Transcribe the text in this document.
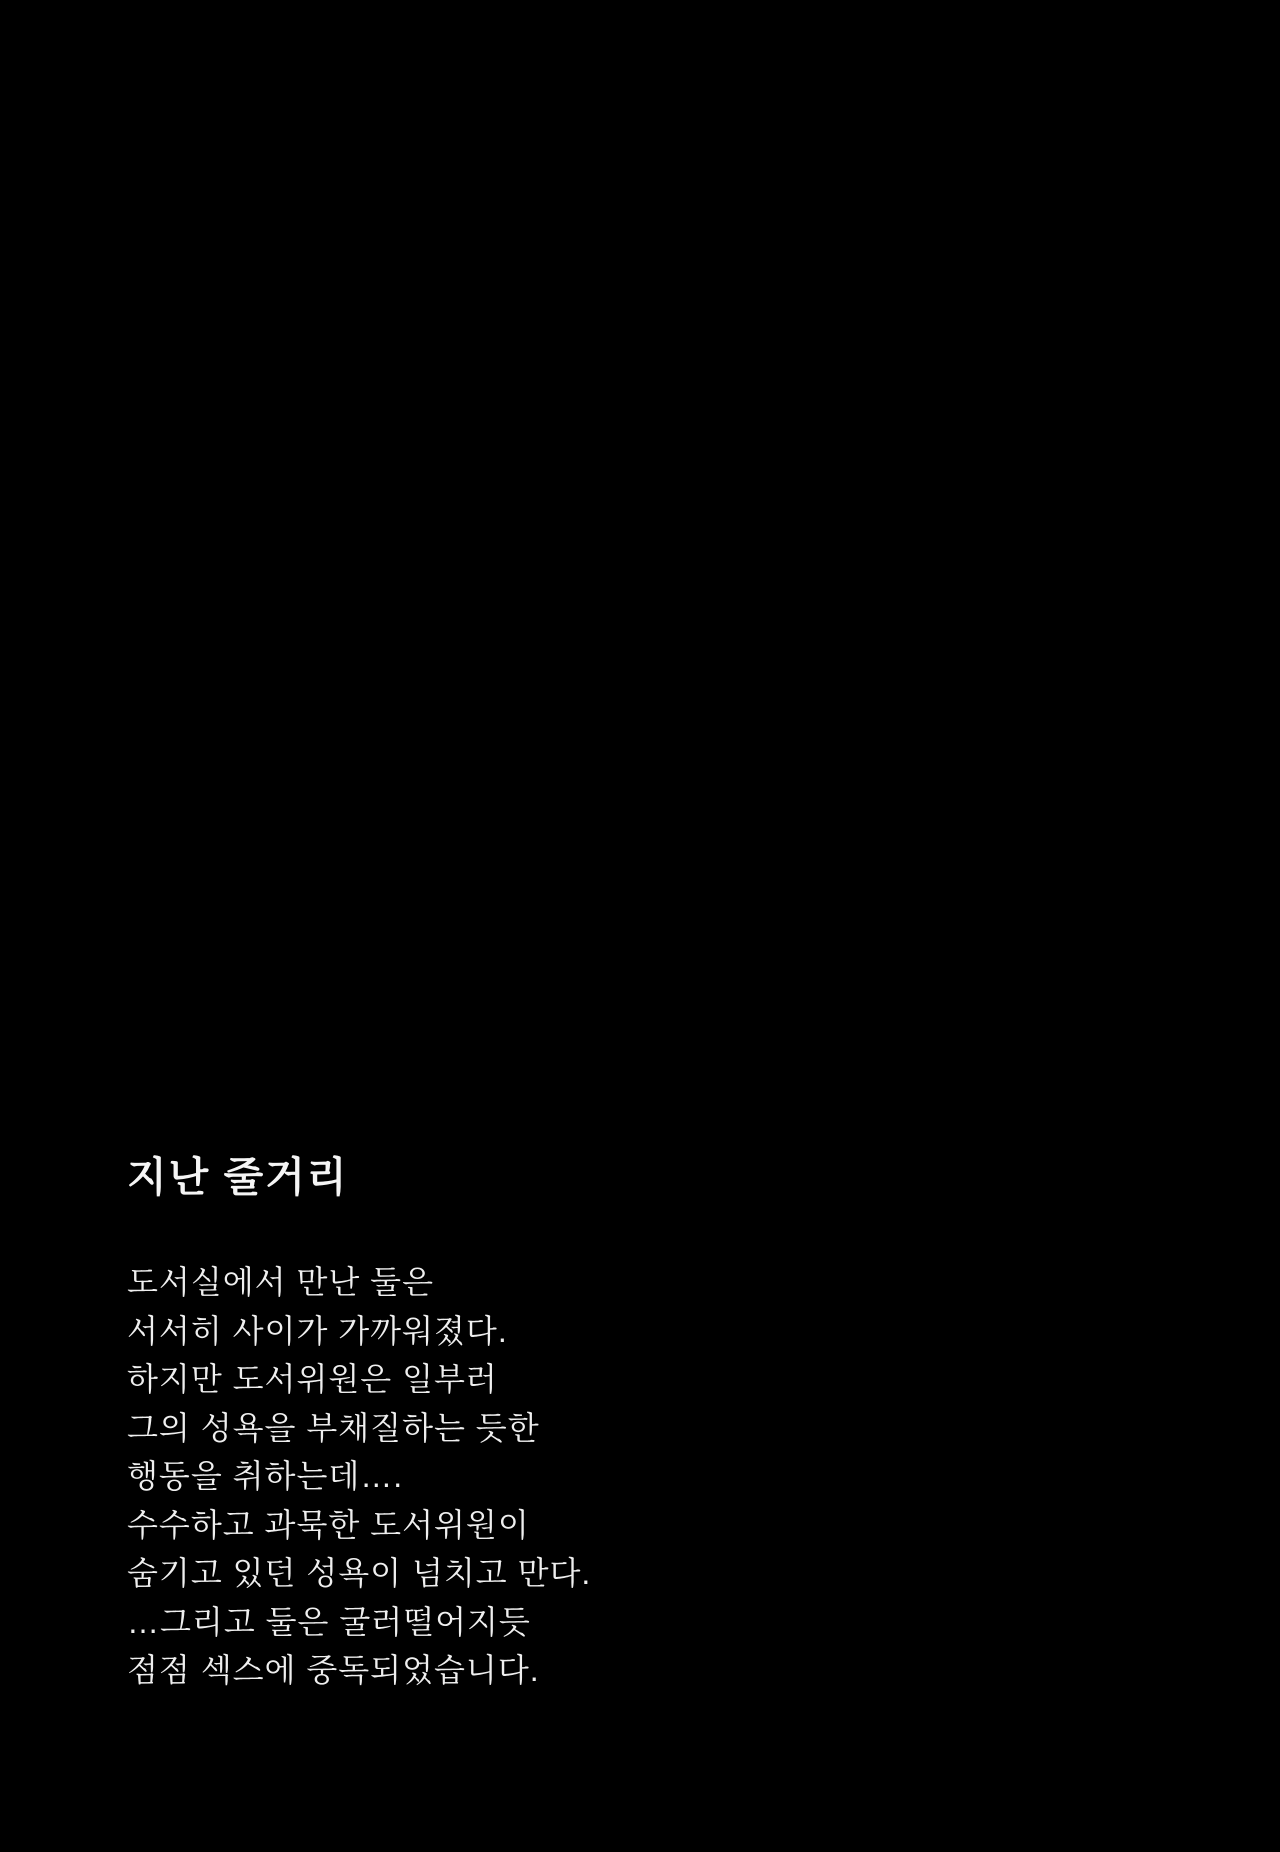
지난 줄거리
도서실에서 만난 둘은
서서히 사이가 가까워졌다.
하지만 도서위원은 일부러
그의 성욕을 부채질하는 듯한
행동을 취하는데….
수수하고 과묵한 도서위원이
숨기고 있던 성욕이 넘치고 만다.
…그리고 둘은 굴러떨어지듯
점점 섹스에 중독되었습니다.
